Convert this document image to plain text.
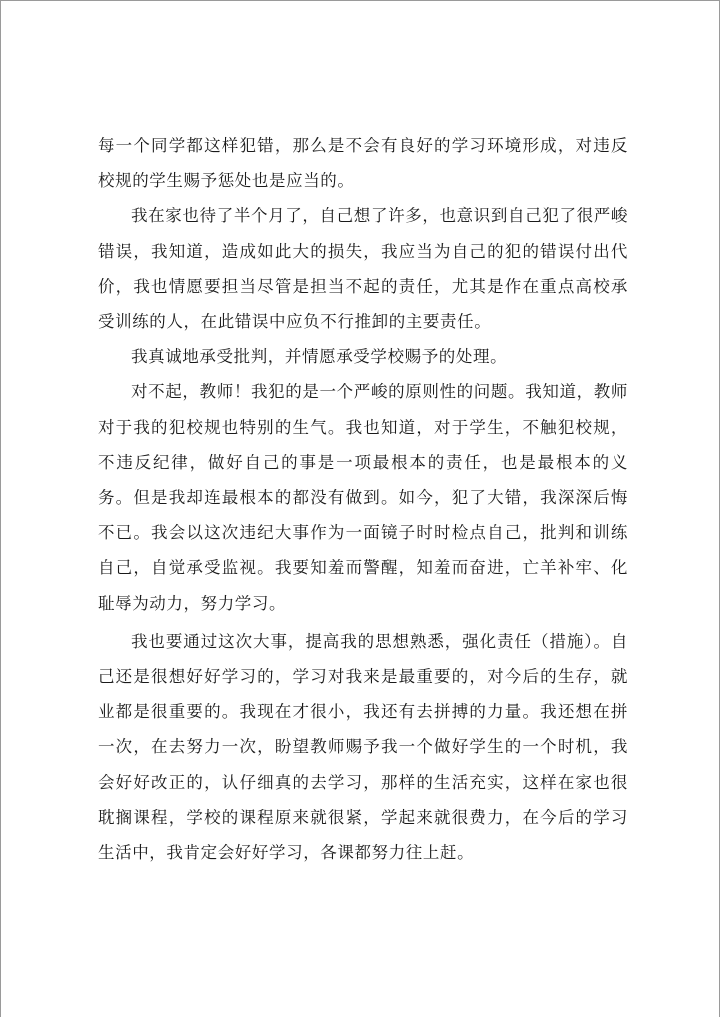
每一个同学都这样犯错，那么是不会有良好的学习环境形成，对违反校规的学生赐予惩处也是应当的。

我在家也待了半个月了，自己想了许多，也意识到自己犯了很严峻错误，我知道，造成如此大的损失，我应当为自己的犯的错误付出代价，我也情愿要担当尽管是担当不起的责任，尤其是作在重点高校承受训练的人，在此错误中应负不行推卸的主要责任。

我真诚地承受批判，并情愿承受学校赐予的处理。

对不起，教师！我犯的是一个严峻的原则性的问题。我知道，教师对于我的犯校规也特别的生气。我也知道，对于学生，不触犯校规，不违反纪律，做好自己的事是一项最根本的责任，也是最根本的义务。但是我却连最根本的都没有做到。如今，犯了大错，我深深后悔不已。我会以这次违纪大事作为一面镜子时时检点自己，批判和训练自己，自觉承受监视。我要知羞而警醒，知羞而奋进，亡羊补牢、化耻辱为动力，努力学习。

我也要通过这次大事，提高我的思想熟悉，强化责任（措施）。自己还是很想好好学习的，学习对我来是最重要的，对今后的生存，就业都是很重要的。我现在才很小，我还有去拼搏的力量。我还想在拼一次，在去努力一次，盼望教师赐予我一个做好学生的一个时机，我会好好改正的，认仔细真的去学习，那样的生活充实，这样在家也很耽搁课程，学校的课程原来就很紧，学起来就很费力，在今后的学习生活中，我肯定会好好学习，各课都努力往上赶。
